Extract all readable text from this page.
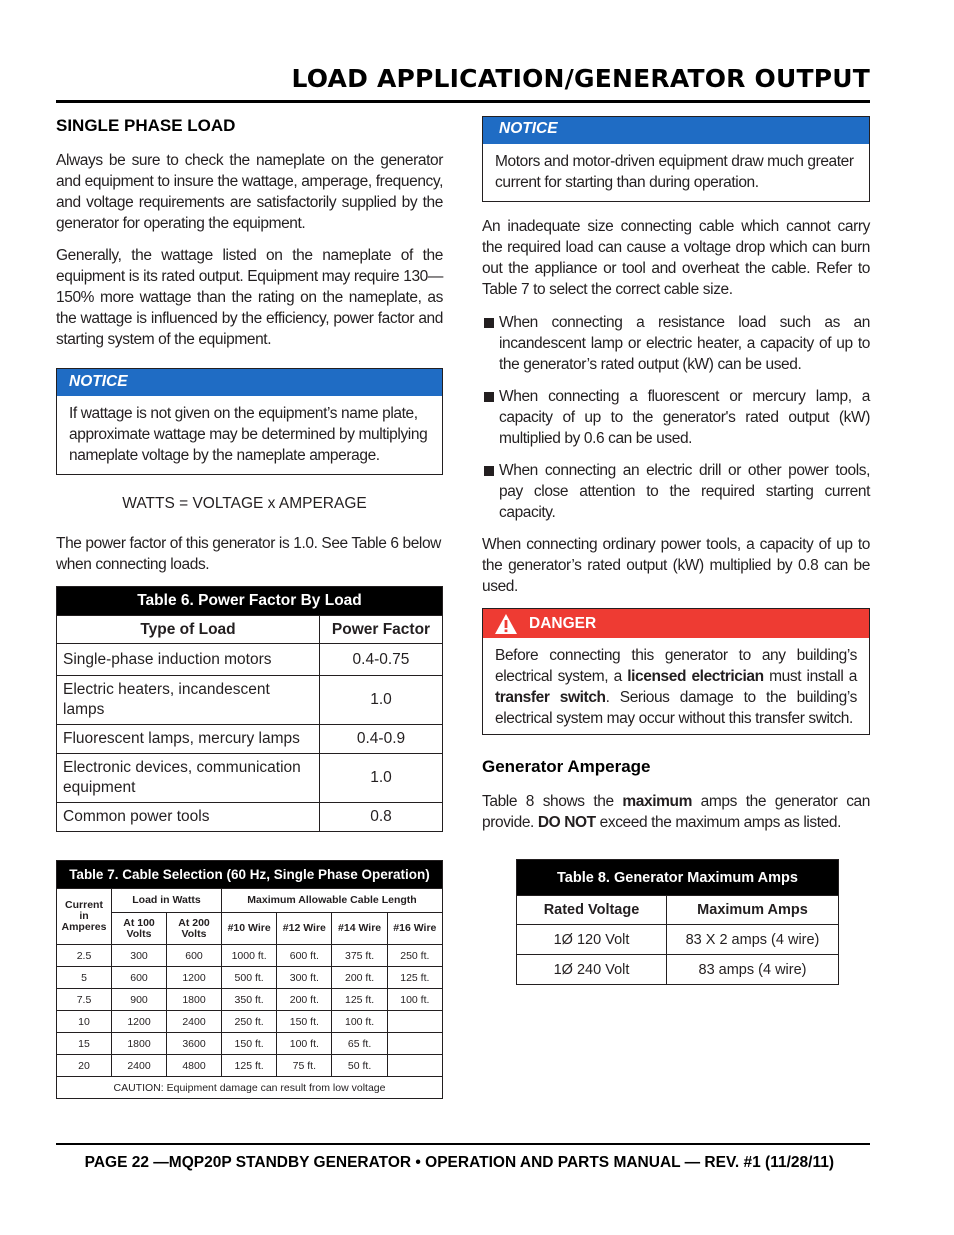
LOAD APPLICATION/GENERATOR OUTPUT
SINGLE PHASE LOAD

Always be sure to check the nameplate on the generator and equipment to insure the wattage, amperage, frequency, and voltage requirements are satisfactorily supplied by the generator for operating the equipment.

Generally, the wattage listed on the nameplate of the equipment is its rated output. Equipment may require 130—150% more wattage than the rating on the nameplate, as the wattage is influenced by the efficiency, power factor and starting system of the equipment.

NOTICE
If wattage is not given on the equipment’s name plate, approximate wattage may be determined by multiplying nameplate voltage by the nameplate amperage.
WATTS = VOLTAGE x AMPERAGE

The power factor of this generator is 1.0. See Table 6 below when connecting loads.

Table 6. Power Factor By Load	
Type of Load	Power Factor
Single-phase induction motors	0.4-0.75
Electric heaters, incandescent lamps	1.0
Fluorescent lamps, mercury lamps	0.4-0.9
Electronic devices, communication equipment	1.0
Common power tools	0.8
Table 7. Cable Selection (60 Hz, Single Phase Operation)						
Current in Amperes	Load in Watts		Maximum Allowable Cable Length			
	At 100 Volts	At 200 Volts	#10 Wire	#12 Wire	#14 Wire	#16 Wire
2.5	300	600	1000 ft.	600 ft.	375 ft.	250 ft.
5	600	1200	500 ft.	300 ft.	200 ft.	125 ft.
7.5	900	1800	350 ft.	200 ft.	125 ft.	100 ft.
10	1200	2400	250 ft.	150 ft.	100 ft.	
15	1800	3600	150 ft.	100 ft.	65 ft.	
20	2400	4800	125 ft.	75 ft.	50 ft.	
CAUTION: Equipment damage can result from low voltage						
NOTICE
Motors and motor-driven equipment draw much greater current for starting than during operation.

An inadequate size connecting cable which cannot carry the required load can cause a voltage drop which can burn out the appliance or tool and overheat the cable. Refer to Table 7 to select the correct cable size.

When connecting a resistance load such as an incandescent lamp or electric heater, a capacity of up to the generator’s rated output (kW) can be used.
When connecting a fluorescent or mercury lamp, a capacity of up to the generator's rated output (kW) multiplied by 0.6 can be used.
When connecting an electric drill or other power tools, pay close attention to the required starting current capacity.

When connecting ordinary power tools, a capacity of up to the generator’s rated output (kW) multiplied by 0.8 can be used.

DANGER
Before connecting this generator to any building’s electrical system, a licensed electrician must install a transfer switch. Serious damage to the building’s electrical system may occur without this transfer switch.
Generator Amperage

Table 8 shows the maximum amps the generator can provide. DO NOT exceed the maximum amps as listed.

Table 8. Generator Maximum Amps	
Rated Voltage	Maximum Amps
1Ø 120 Volt	83 X 2 amps (4 wire)
1Ø 240 Volt	83 amps (4 wire)
PAGE 22 —MQP20P STANDBY GENERATOR • OPERATION AND PARTS MANUAL — REV. #1 (11/28/11)
